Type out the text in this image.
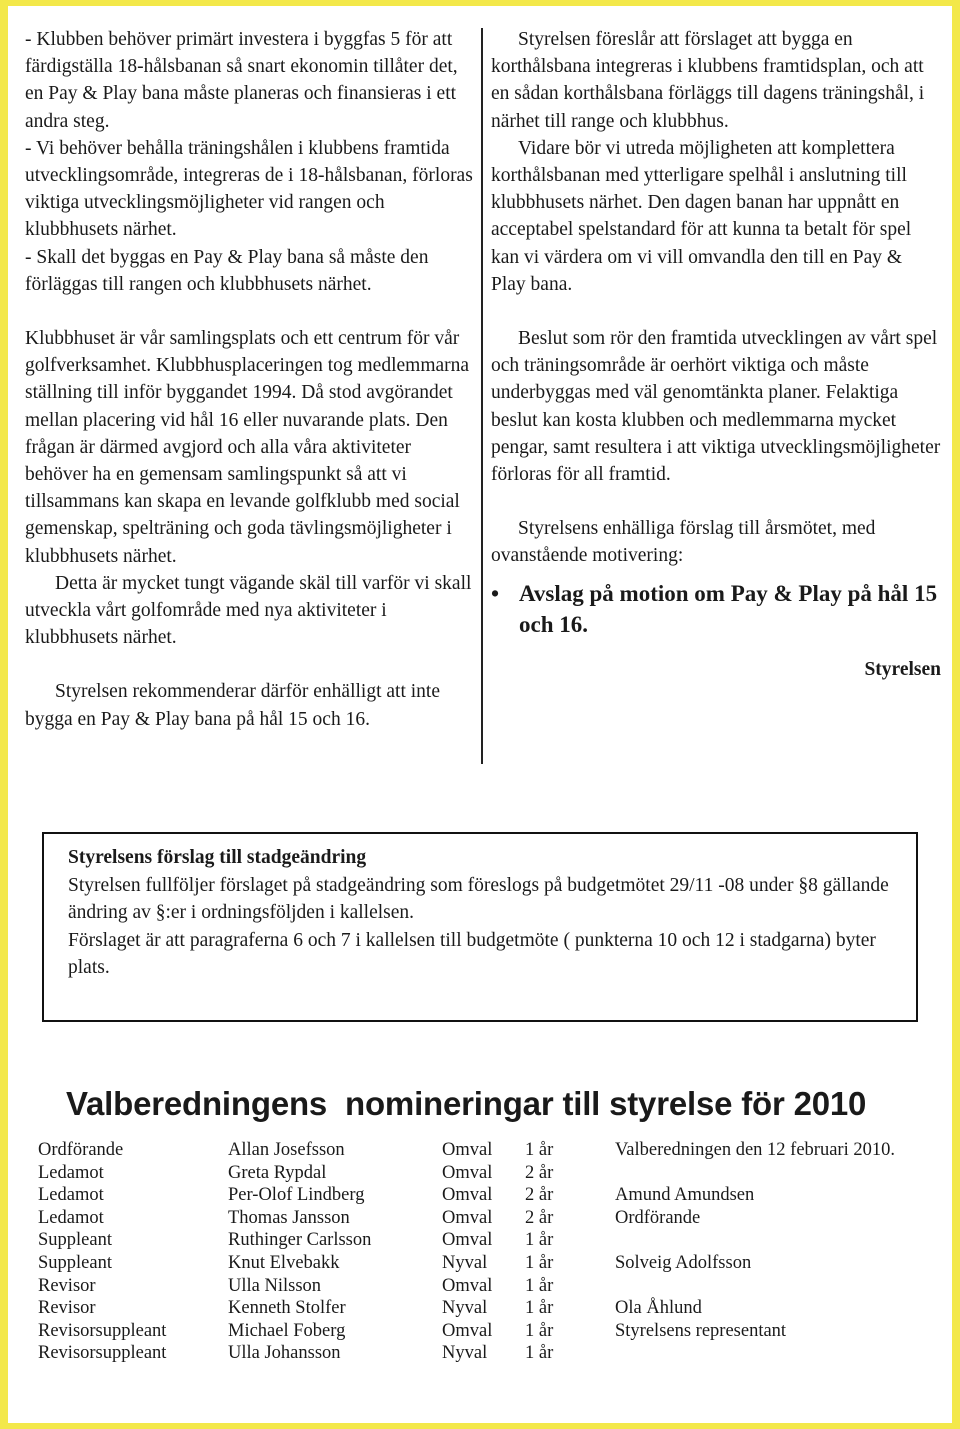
- Klubben behöver primärt investera i byggfas 5 för att färdigställa 18-hålsbanan så snart ekonomin tillåter det, en Pay & Play bana måste planeras och finansieras i ett andra steg.

- Vi behöver behålla träningshålen i klubbens framtida utvecklingsområde, integreras de i 18-hålsbanan, förloras viktiga utvecklingsmöjligheter vid rangen och klubbhusets närhet.

- Skall det byggas en Pay & Play bana så måste den förläggas till rangen och klubbhusets närhet.

Klubbhuset är vår samlingsplats och ett centrum för vår golfverksamhet. Klubbhusplaceringen tog medlemmarna ställning till inför byggandet 1994. Då stod avgörandet mellan placering vid hål 16 eller nuvarande plats. Den frågan är därmed avgjord och alla våra aktiviteter behöver ha en gemensam samlingspunkt så att vi tillsammans kan skapa en levande golfklubb med social gemenskap, spelträning och goda tävlingsmöjligheter i klubbhusets närhet.

Detta är mycket tungt vägande skäl till varför vi skall utveckla vårt golfområde med nya aktiviteter i klubbhusets närhet.

Styrelsen rekommenderar därför enhälligt att inte bygga en Pay & Play bana på hål 15 och 16.

Styrelsen föreslår att förslaget att bygga en korthålsbana integreras i klubbens framtidsplan, och att en sådan korthålsbana förläggs till dagens träningshål, i närhet till range och klubbhus.

Vidare bör vi utreda möjligheten att komplettera korthålsbanan med ytterligare spelhål i anslutning till klubbhusets närhet. Den dagen banan har uppnått en acceptabel spelstandard för att kunna ta betalt för spel kan vi värdera om vi vill omvandla den till en Pay & Play bana.

Beslut som rör den framtida utvecklingen av vårt spel och träningsområde är oerhört viktiga och måste underbyggas med väl genomtänkta planer. Felaktiga beslut kan kosta klubben och medlemmarna mycket pengar, samt resultera i att viktiga utvecklingsmöjligheter förloras för all framtid.

Styrelsens enhälliga förslag till årsmötet, med ovanstående motivering:

• Avslag på motion om Pay & Play på hål 15 och 16.

Styrelsen

Styrelsens förslag till stadgeändring

Styrelsen fullföljer förslaget på stadgeändring som föreslogs på budgetmötet 29/11 -08 under §8 gällande ändring av §:er i ordningsföljden i kallelsen.

Förslaget är att paragraferna 6 och 7 i kallelsen till budgetmöte ( punkterna 10 och 12 i stadgarna) byter plats.

Valberedningens  nomineringar till styrelse för 2010
Ordförande	Allan Josefsson	Omval	1 år
Ledamot	Greta Rypdal	Omval	2 år
Ledamot	Per-Olof Lindberg	Omval	2 år
Ledamot	Thomas Jansson	Omval	2 år
Suppleant	Ruthinger Carlsson	Omval	1 år
Suppleant	Knut Elvebakk	Nyval	1 år
Revisor	Ulla Nilsson	Omval	1 år
Revisor	Kenneth Stolfer	Nyval	1 år
Revisorsuppleant	Michael Foberg	Omval	1 år
Revisorsuppleant	Ulla Johansson	Nyval	1 år
Valberedningen den 12 februari 2010.
Amund Amundsen
Ordförande
Solveig Adolfsson
Ola Åhlund
Styrelsens representant
